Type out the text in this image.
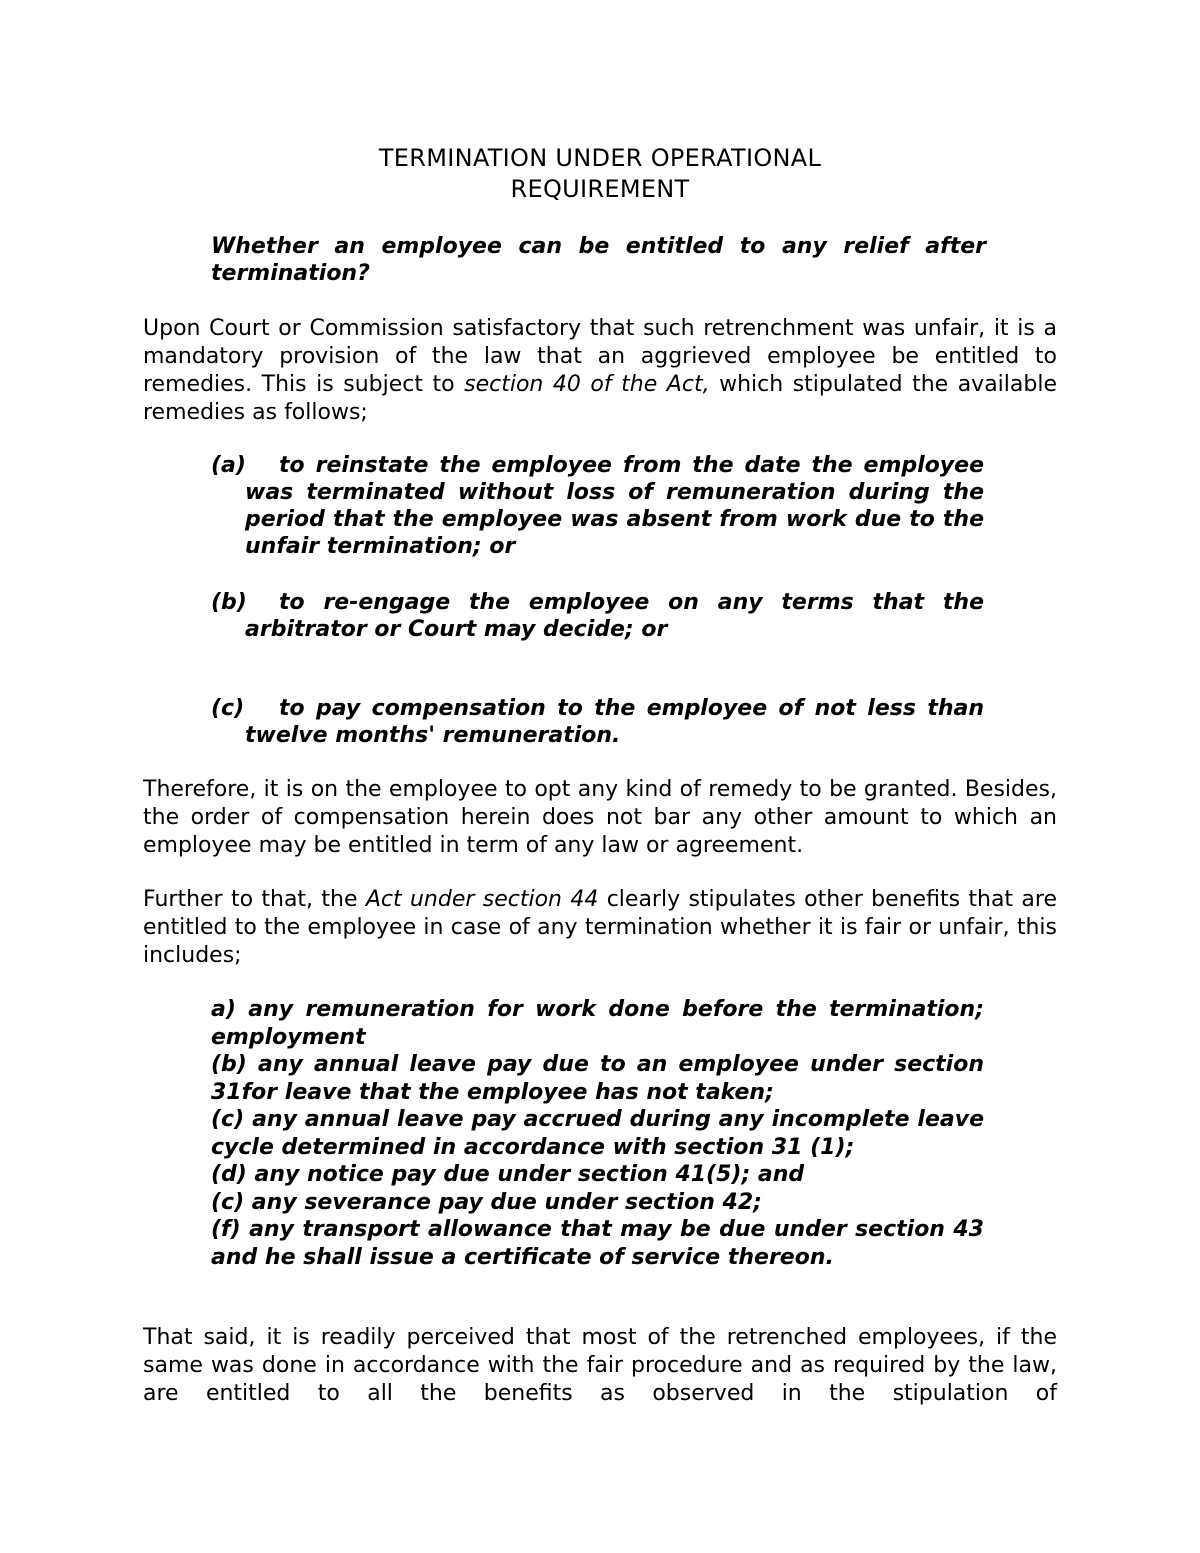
TERMINATION UNDER OPERATIONAL
REQUIREMENT
Whether an employee can be entitled to any relief after termination?
Upon Court or Commission satisfactory that such retrenchment was unfair, it is a mandatory provision of the law that an aggrieved employee be entitled to remedies. This is subject to section 40 of the Act, which stipulated the available remedies as follows;
(a) to reinstate the employee from the date the employee was terminated without loss of remuneration during the period that the employee was absent from work due to the unfair termination; or
(b) to re-engage the employee on any terms that the arbitrator or Court may decide; or
(c) to pay compensation to the employee of not less than twelve months' remuneration.
Therefore, it is on the employee to opt any kind of remedy to be granted. Besides, the order of compensation herein does not bar any other amount to which an employee may be entitled in term of any law or agreement.
Further to that, the Act under section 44 clearly stipulates other benefits that are entitled to the employee in case of any termination whether it is fair or unfair, this includes;
a) any remuneration for work done before the termination; employment
(b) any annual leave pay due to an employee under section 31for leave that the employee has not taken;
(c) any annual leave pay accrued during any incomplete leave cycle determined in accordance with section 31 (1);
(d) any notice pay due under section 41(5); and
(c) any severance pay due under section 42;
(f) any transport allowance that may be due under section 43 and he shall issue a certificate of service thereon.
That said, it is readily perceived that most of the retrenched employees, if the same was done in accordance with the fair procedure and as required by the law, are entitled to all the benefits as observed in the stipulation of
